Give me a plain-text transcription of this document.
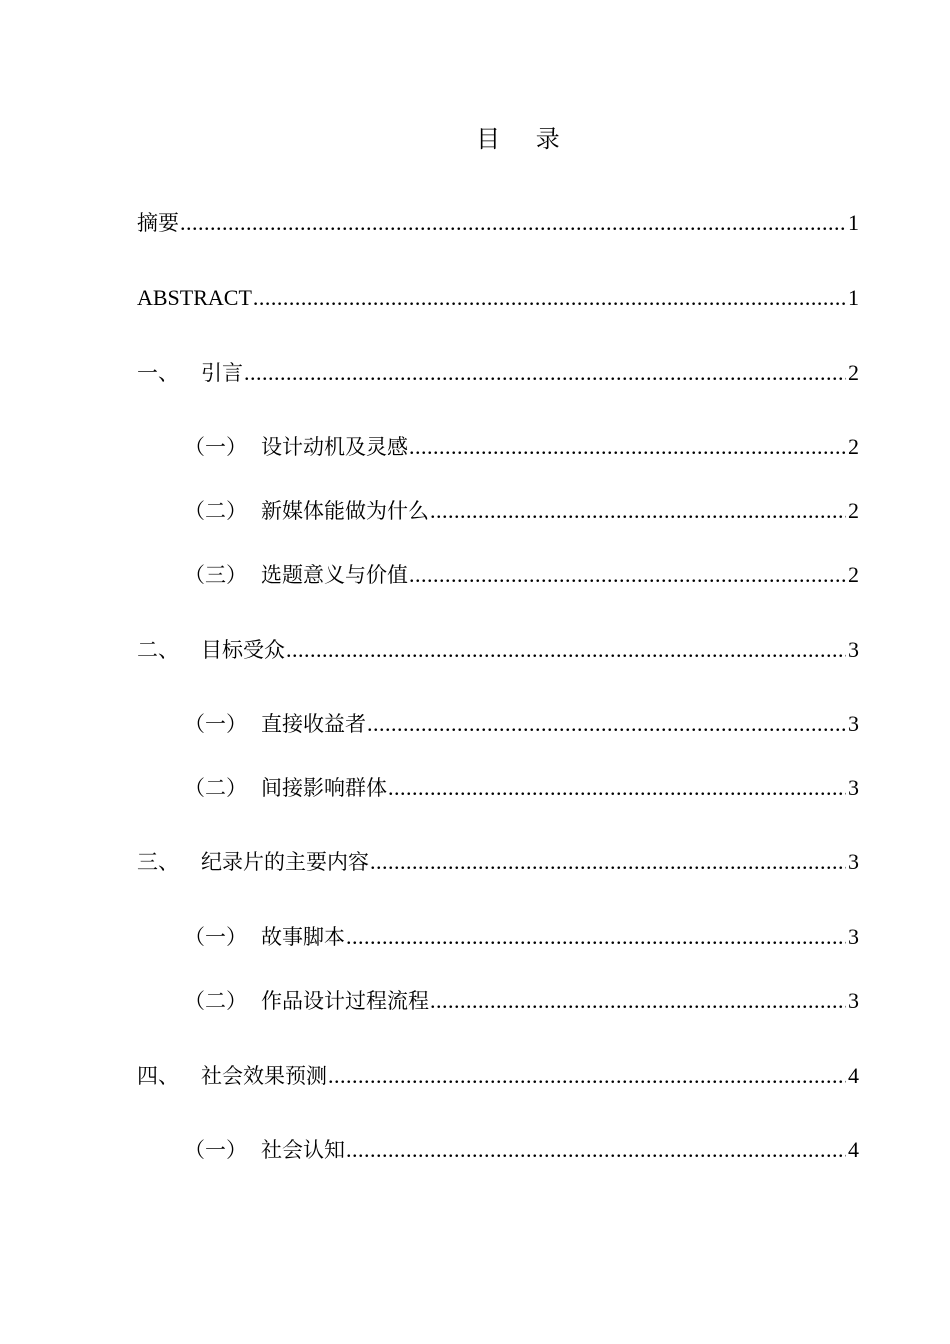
目 录
摘要 .....	1
ABSTRACT .....	1
一、	引言 .....	2
（一） 设计动机及灵感 .....	2
（二） 新媒体能做为什么 .....	2
（三） 选题意义与价值 .....	2
二、	目标受众 .....	3
（一） 直接收益者 .....	3
（二） 间接影响群体 .....	3
三、	纪录片的主要内容 .....	3
（一） 故事脚本 .....	3
（二） 作品设计过程流程 .....	3
四、	社会效果预测 .....	4
（一） 社会认知 .....	4
